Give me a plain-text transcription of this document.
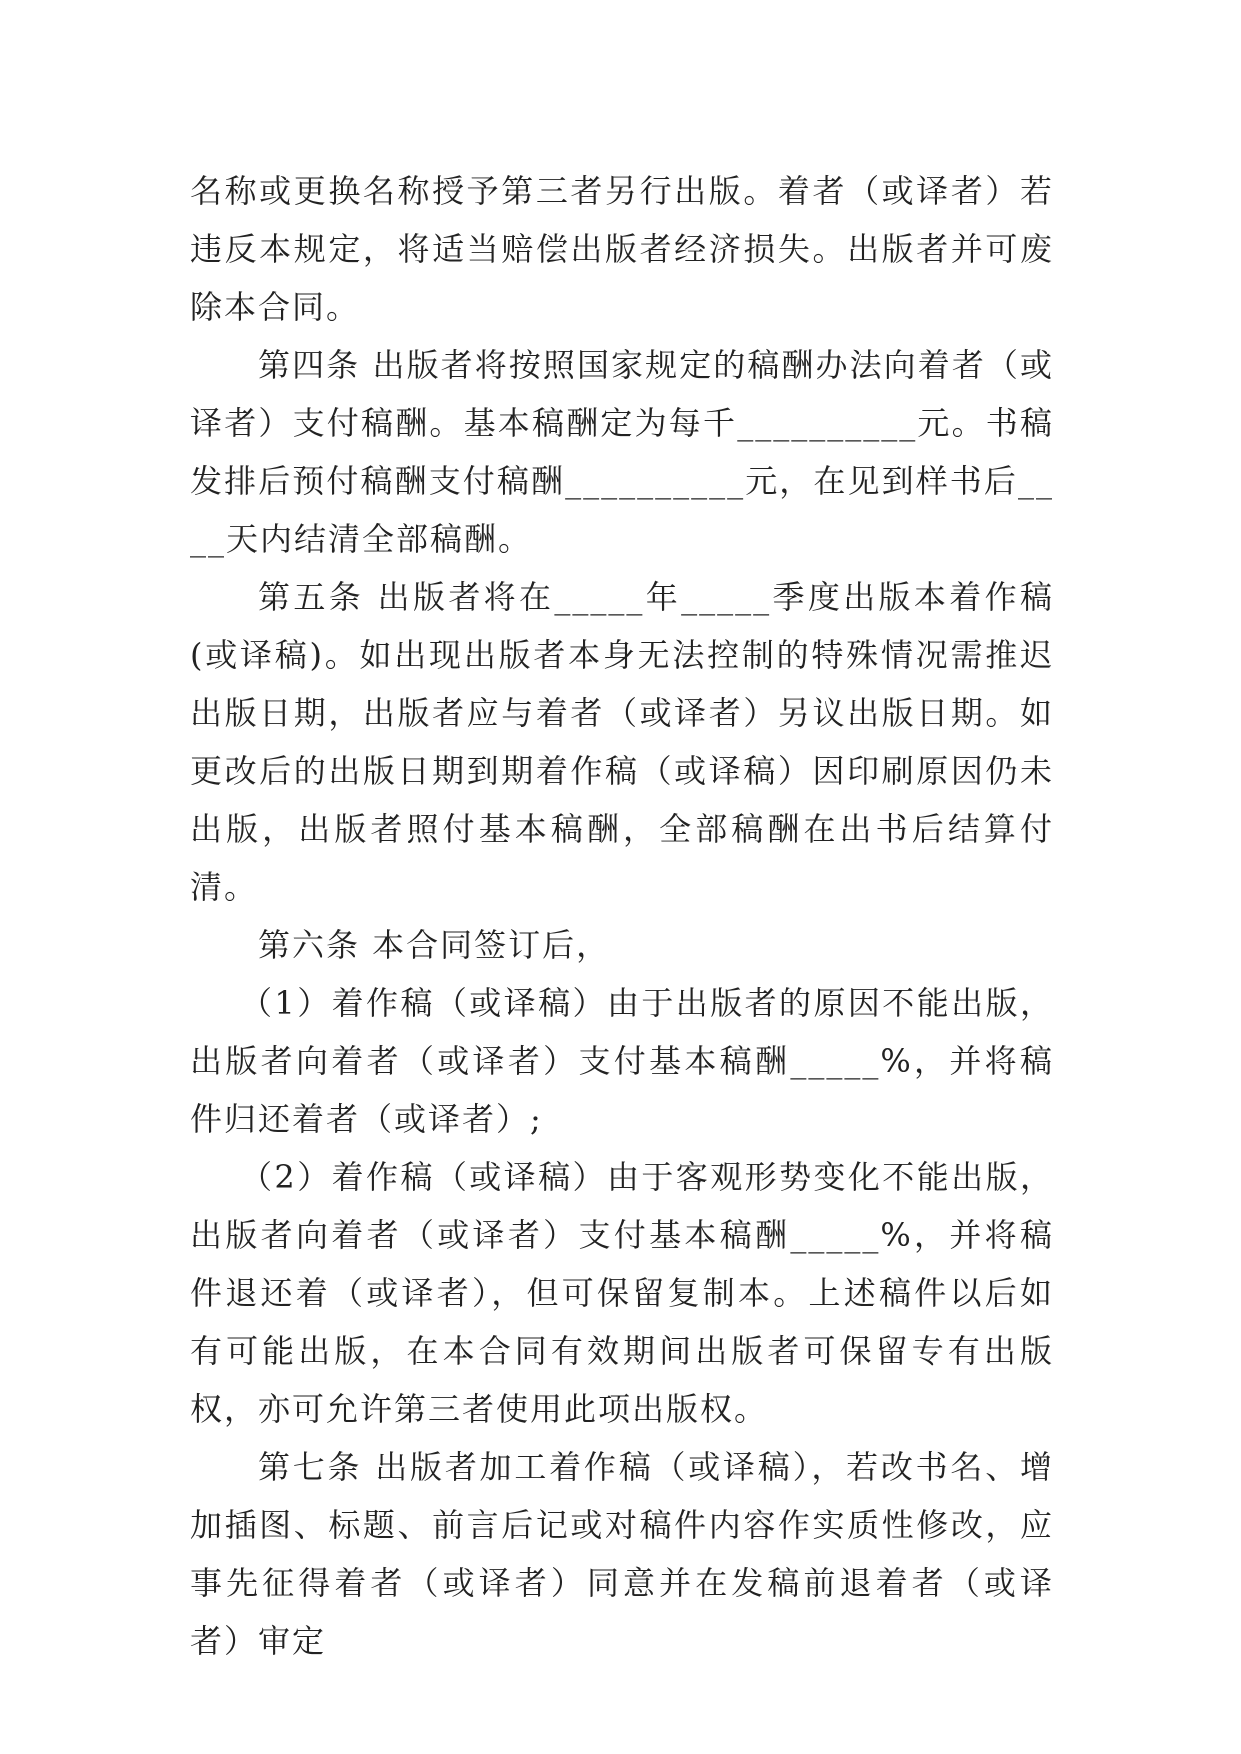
名称或更换名称授予第三者另行出版。着者（或译者）若违反本规定，将适当赔偿出版者经济损失。出版者并可废除本合同。

第四条 出版者将按照国家规定的稿酬办法向着者（或译者）支付稿酬。基本稿酬定为每千__________元。书稿发排后预付稿酬支付稿酬__________元，在见到样书后____天内结清全部稿酬。

第五条 出版者将在_____年_____季度出版本着作稿(或译稿)。如出现出版者本身无法控制的特殊情况需推迟出版日期，出版者应与着者（或译者）另议出版日期。如更改后的出版日期到期着作稿（或译稿）因印刷原因仍未出版，出版者照付基本稿酬，全部稿酬在出书后结算付清。

第六条 本合同签订后，

（1）着作稿（或译稿）由于出版者的原因不能出版，出版者向着者（或译者）支付基本稿酬_____%，并将稿件归还着者（或译者）;

（2）着作稿（或译稿）由于客观形势变化不能出版，出版者向着者（或译者）支付基本稿酬_____%，并将稿件退还着（或译者），但可保留复制本。上述稿件以后如有可能出版，在本合同有效期间出版者可保留专有出版权，亦可允许第三者使用此项出版权。

第七条 出版者加工着作稿（或译稿），若改书名、增加插图、标题、前言后记或对稿件内容作实质性修改，应事先征得着者（或译者）同意并在发稿前退着者（或译者）审定
